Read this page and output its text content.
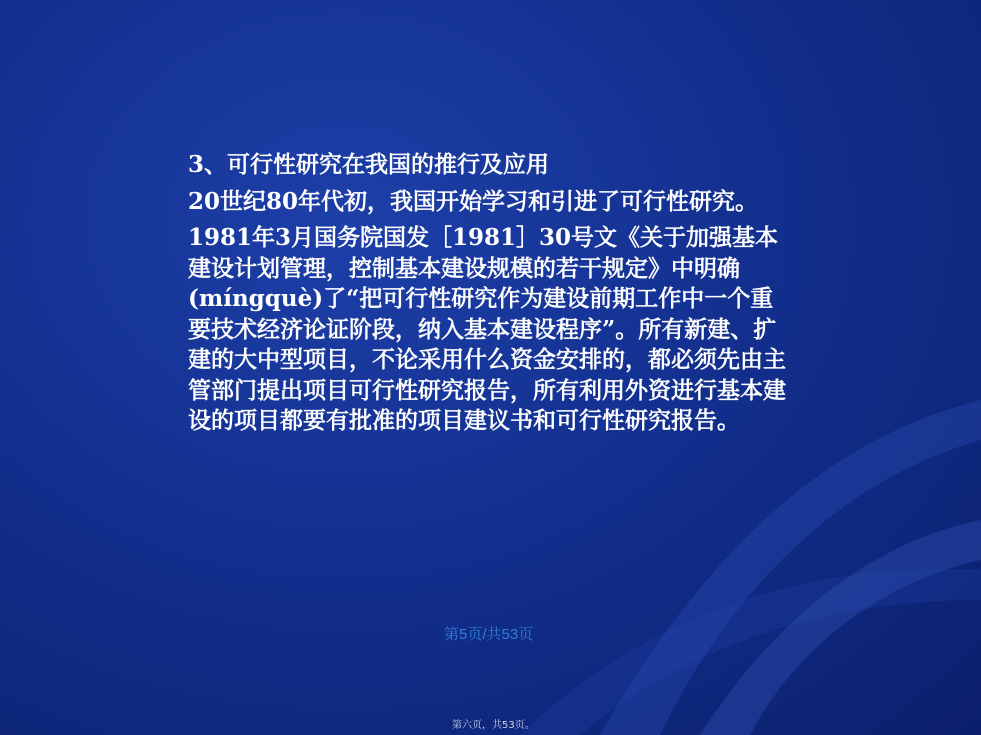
3、可行性研究在我国的推行及应用

20世纪80年代初，我国开始学习和引进了可行性研究。

1981年3月国务院国发［1981］30号文《关于加强基本建设计划管理，控制基本建设规模的若干规定》中明确(míngquè)了“把可行性研究作为建设前期工作中一个重要技术经济论证阶段，纳入基本建设程序”。所有新建、扩建的大中型项目，不论采用什么资金安排的，都必须先由主管部门提出项目可行性研究报告，所有利用外资进行基本建设的项目都要有批准的项目建议书和可行性研究报告。

第5页/共53页
第六页，共53页。
